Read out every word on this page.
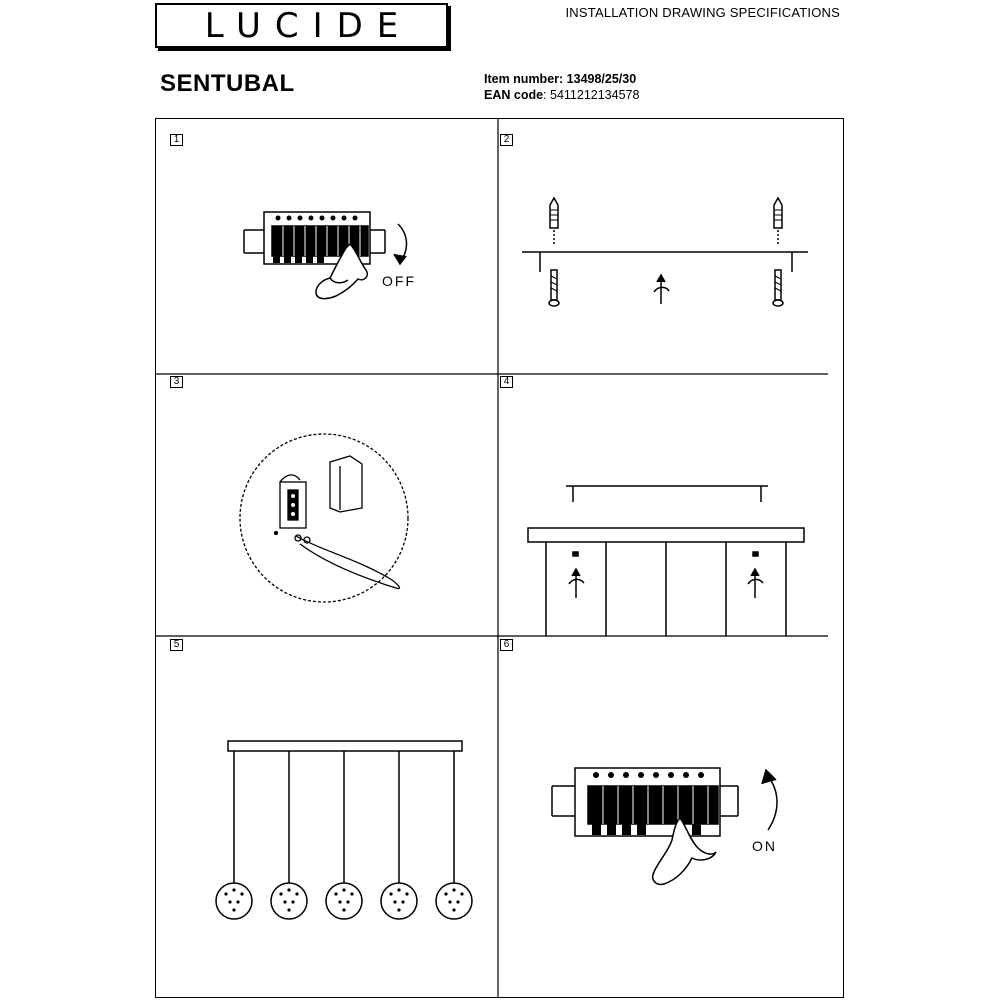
LUCIDE	INSTALLATION DRAWING SPECIFICATIONS
SENTUBAL	Item number: 13498/25/30
EAN code: 5411212134578
1	2
3	4
5	6
OFF
ON
